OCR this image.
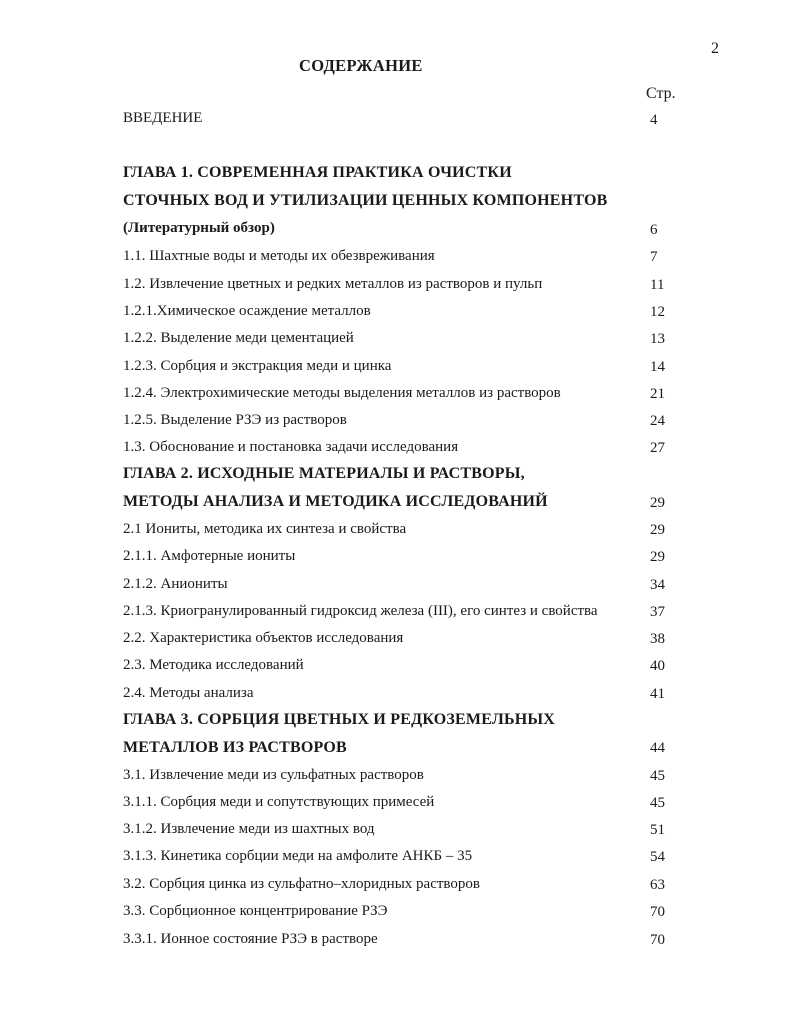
2
СОДЕРЖАНИЕ
Стр.
ВВЕДЕНИЕ	4
ГЛАВА 1. СОВРЕМЕННАЯ ПРАКТИКА ОЧИСТКИ
СТОЧНЫХ ВОД И УТИЛИЗАЦИИ ЦЕННЫХ КОМПОНЕНТОВ
(Литературный обзор)	6
1.1. Шахтные воды и методы их обезвреживания	7
1.2. Извлечение цветных и редких металлов из растворов и пульп	11
1.2.1.Химическое осаждение металлов	12
1.2.2. Выделение меди цементацией	13
1.2.3. Сорбция и экстракция меди и цинка	14
1.2.4. Электрохимические методы выделения металлов из растворов	21
1.2.5. Выделение РЗЭ из растворов	24
1.3. Обоснование и постановка задачи исследования	27
ГЛАВА 2. ИСХОДНЫЕ МАТЕРИАЛЫ И РАСТВОРЫ,
МЕТОДЫ АНАЛИЗА И МЕТОДИКА ИССЛЕДОВАНИЙ	29
2.1 Иониты, методика их синтеза и свойства	29
2.1.1. Амфотерные иониты	29
2.1.2. Аниониты	34
2.1.3. Криогранулированный гидроксид железа (III), его синтез и свойства	37
2.2. Характеристика объектов исследования	38
2.3. Методика исследований	40
2.4. Методы анализа	41
ГЛАВА 3. СОРБЦИЯ ЦВЕТНЫХ И РЕДКОЗЕМЕЛЬНЫХ
МЕТАЛЛОВ ИЗ РАСТВОРОВ	44
3.1. Извлечение меди из сульфатных растворов	45
3.1.1. Сорбция меди и сопутствующих примесей	45
3.1.2. Извлечение меди из шахтных вод	51
3.1.3. Кинетика сорбции меди на амфолите АНКБ – 35	54
3.2. Сорбция цинка из сульфатно–хлоридных растворов	63
3.3. Сорбционное концентрирование РЗЭ	70
3.3.1. Ионное состояние РЗЭ в растворе	70
